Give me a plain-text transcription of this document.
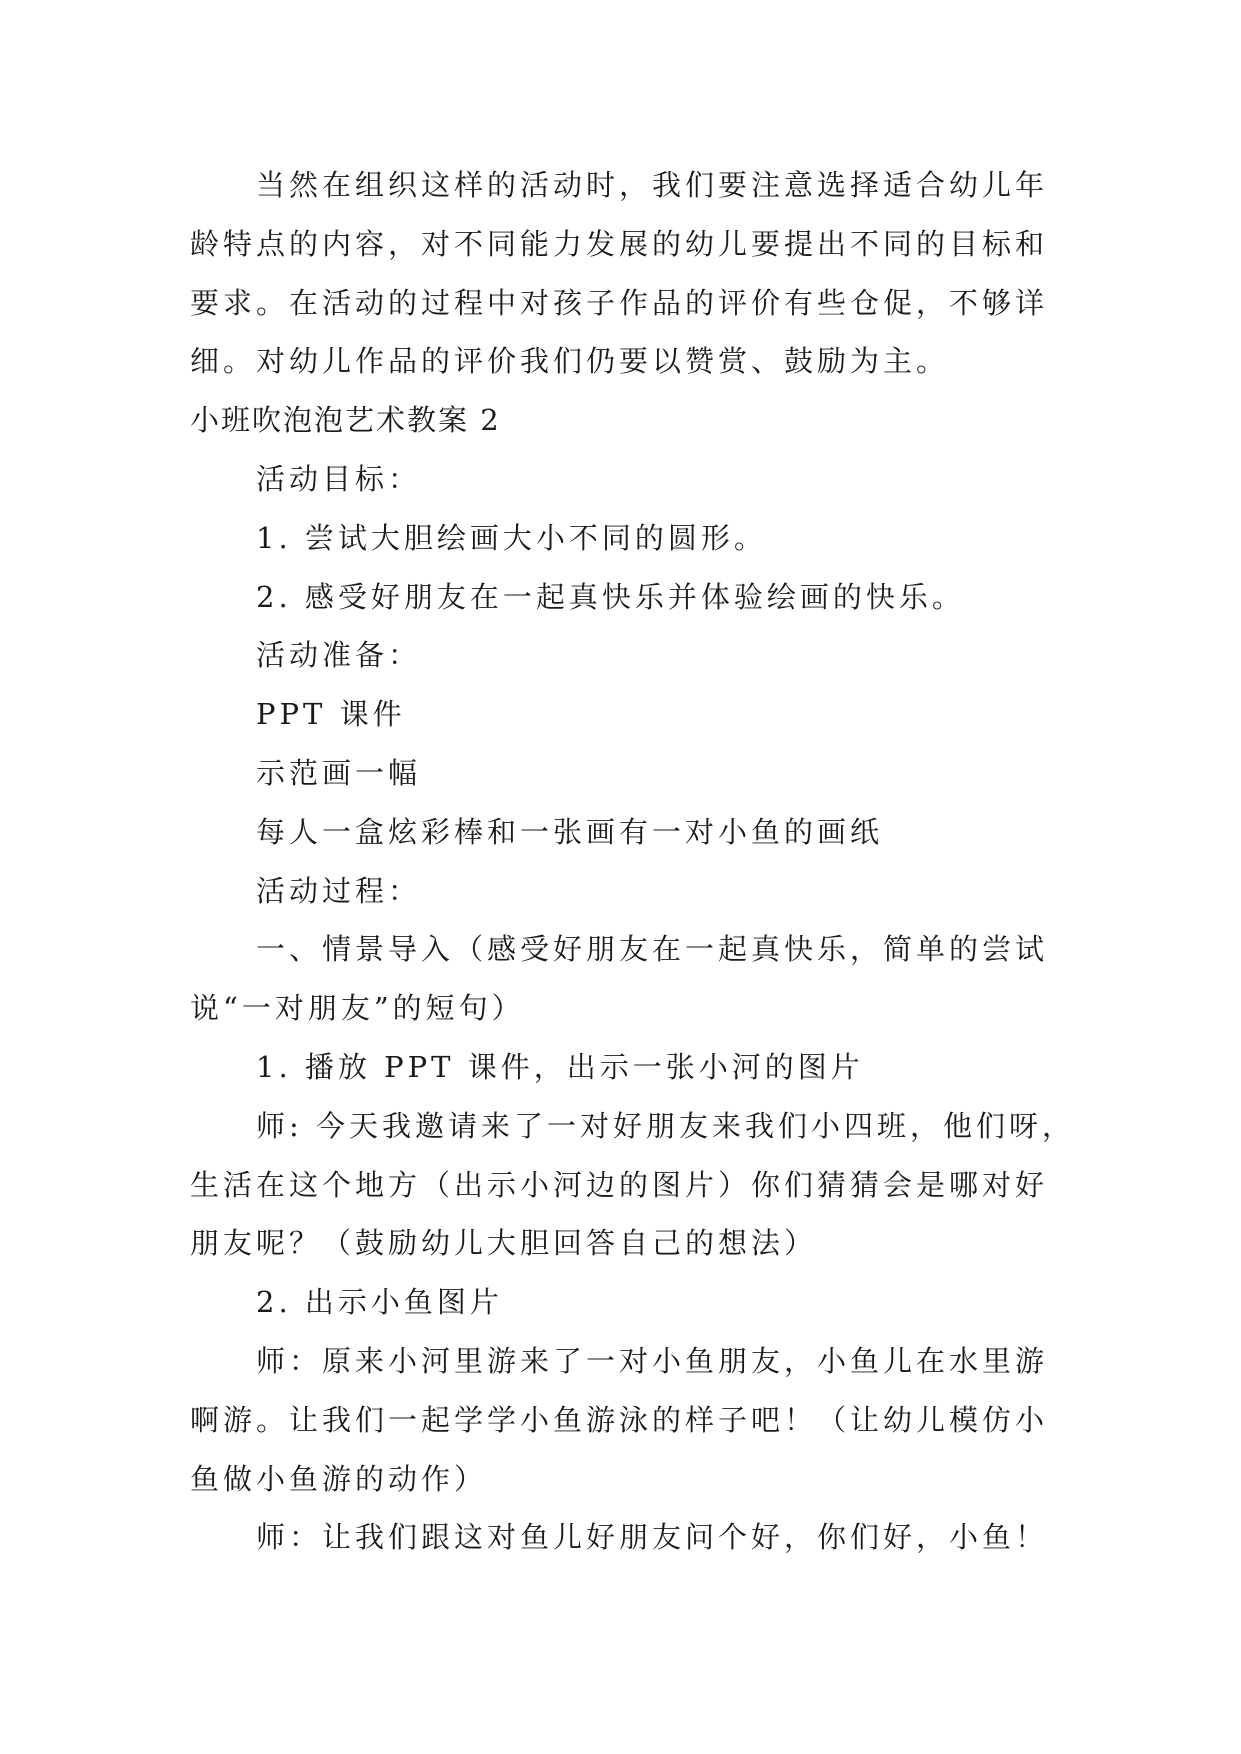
当然在组织这样的活动时，我们要注意选择适合幼儿年
龄特点的内容，对不同能力发展的幼儿要提出不同的目标和
要求。在活动的过程中对孩子作品的评价有些仓促，不够详
细。对幼儿作品的评价我们仍要以赞赏、鼓励为主。
小班吹泡泡艺术教案 2
活动目标：
1. 尝试大胆绘画大小不同的圆形。
2. 感受好朋友在一起真快乐并体验绘画的快乐。
活动准备：
PPT 课件
示范画一幅
每人一盒炫彩棒和一张画有一对小鱼的画纸
活动过程：
一、情景导入（感受好朋友在一起真快乐，简单的尝试
说“一对朋友”的短句）
1. 播放 PPT 课件，出示一张小河的图片
师: 今天我邀请来了一对好朋友来我们小四班，他们呀，
生活在这个地方（出示小河边的图片）你们猜猜会是哪对好
朋友呢？（鼓励幼儿大胆回答自己的想法）
2. 出示小鱼图片
师：原来小河里游来了一对小鱼朋友，小鱼儿在水里游
啊游。让我们一起学学小鱼游泳的样子吧！（让幼儿模仿小
鱼做小鱼游的动作）
师：让我们跟这对鱼儿好朋友问个好，你们好，小鱼！
